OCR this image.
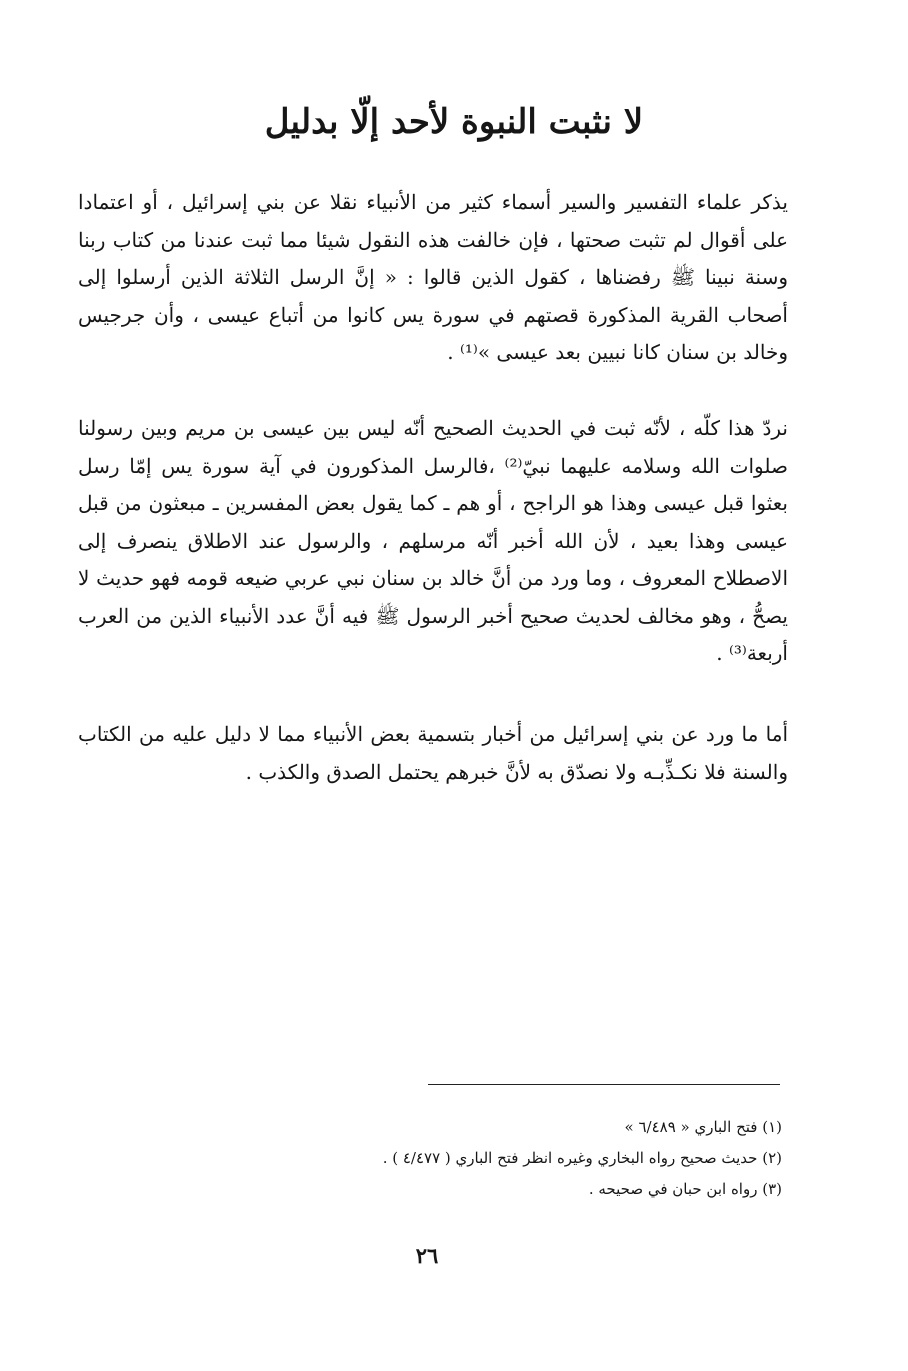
لا نثبت النبوة لأحد إلّا بدليل

يذكر علماء التفسير والسير أسماء كثير من الأنبياء نقلا عن بني إسرائيل ، أو اعتمادا على أقوال لم تثبت صحتها ، فإن خالفت هذه النقول شيئا مما ثبت عندنا من كتاب ربنا وسنة نبينا ﷺ رفضناها ، كقول الذين قالوا : « إنَّ الرسل الثلاثة الذين أرسلوا إلى أصحاب القرية المذكورة قصتهم في سورة يس كانوا من أتباع عيسى ، وأن جرجيس وخالد بن سنان كانا نبيين بعد عيسى »⁽¹⁾ .

نردّ هذا كلّه ، لأنّه ثبت في الحديث الصحيح أنّه ليس بين عيسى بن مريم وبين رسولنا صلوات الله وسلامه عليهما نبيّ⁽²⁾ ،فالرسل المذكورون في آية سورة يس إمّا رسل بعثوا قبل عيسى وهذا هو الراجح ، أو هم ـ كما يقول بعض المفسرين ـ مبعثون من قبل عيسى وهذا بعيد ، لأن الله أخبر أنّه مرسلهم ، والرسول عند الاطلاق ينصرف إلى الاصطلاح المعروف ، وما ورد من أنَّ خالد بن سنان نبي عربي ضيعه قومه فهو حديث لا يصحُّ ، وهو مخالف لحديث صحيح أخبر الرسول ﷺ فيه أنَّ عدد الأنبياء الذين من العرب أربعة⁽³⁾ .

أما ما ورد عن بني إسرائيل من أخبار بتسمية بعض الأنبياء مما لا دليل عليه من الكتاب والسنة فلا نكـذِّبـه ولا نصدّق به لأنَّ خبرهم يحتمل الصدق والكذب .

(١) فتح الباري « ٦/٤٨٩ »
(٢) حديث صحيح رواه البخاري وغيره انظر فتح الباري ( ٤/٤٧٧ ) .
(٣) رواه ابن حبان في صحيحه .
٢٦
